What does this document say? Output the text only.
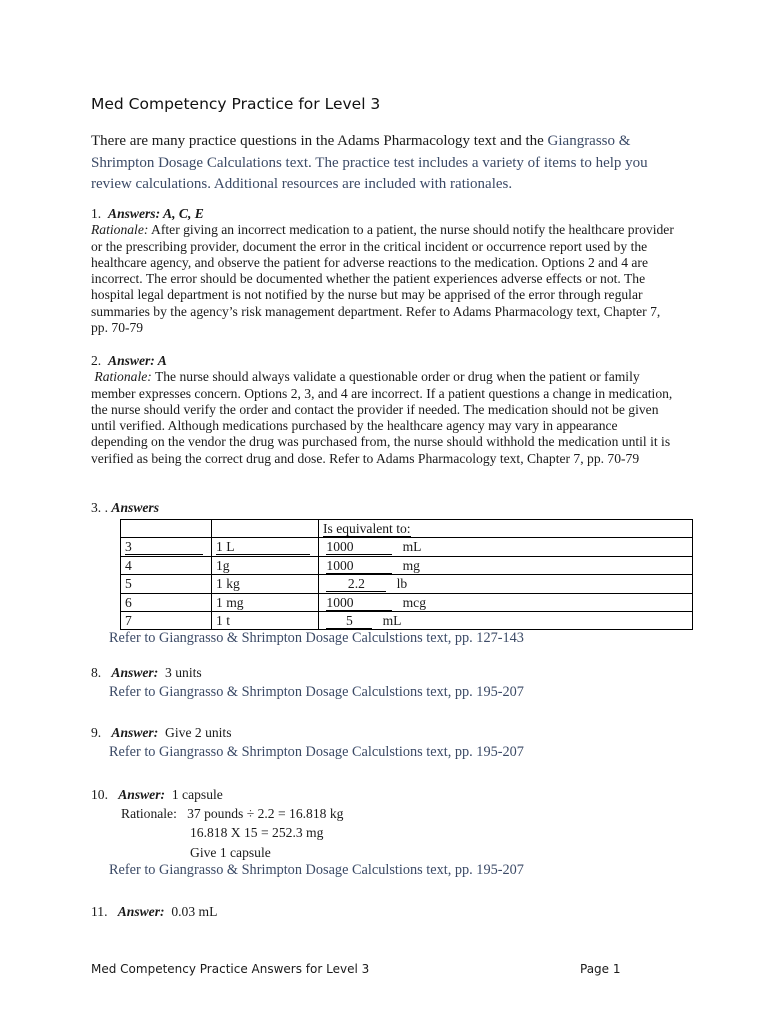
Med Competency Practice for Level 3
There are many practice questions in the Adams Pharmacology text and the Giangrasso & Shrimpton Dosage Calculations text. The practice test includes a variety of items to help you review calculations. Additional resources are included with rationales.
1. Answers: A, C, E
Rationale: After giving an incorrect medication to a patient, the nurse should notify the healthcare provider or the prescribing provider, document the error in the critical incident or occurrence report used by the healthcare agency, and observe the patient for adverse reactions to the medication. Options 2 and 4 are incorrect. The error should be documented whether the patient experiences adverse effects or not. The hospital legal department is not notified by the nurse but may be apprised of the error through regular summaries by the agency’s risk management department. Refer to Adams Pharmacology text, Chapter 7, pp. 70-79
2. Answer: A
Rationale: The nurse should always validate a questionable order or drug when the patient or family member expresses concern. Options 2, 3, and 4 are incorrect. If a patient questions a change in medication, the nurse should verify the order and contact the provider if needed. The medication should not be given until verified. Although medications purchased by the healthcare agency may vary in appearance depending on the vendor the drug was purchased from, the nurse should withhold the medication until it is verified as being the correct drug and dose. Refer to Adams Pharmacology text, Chapter 7, pp. 70-79
3. . Answers
		Is equivalent to:
3	1 L	1000 mL
4	1g	1000 mg
5	1 kg	2.2 lb
6	1 mg	1000 mcg
7	1 t	5 mL
Refer to Giangrasso & Shrimpton Dosage Calculstions text, pp. 127-143
8. Answer: 3 units
Refer to Giangrasso & Shrimpton Dosage Calculstions text, pp. 195-207
9. Answer: Give 2 units
Refer to Giangrasso & Shrimpton Dosage Calculstions text, pp. 195-207
10. Answer: 1 capsule
Rationale: 37 pounds ÷ 2.2 = 16.818 kg
16.818 X 15 = 252.3 mg
Give 1 capsule
Refer to Giangrasso & Shrimpton Dosage Calculstions text, pp. 195-207
11. Answer: 0.03 mL
Med Competency Practice Answers for Level 3	Page 1
